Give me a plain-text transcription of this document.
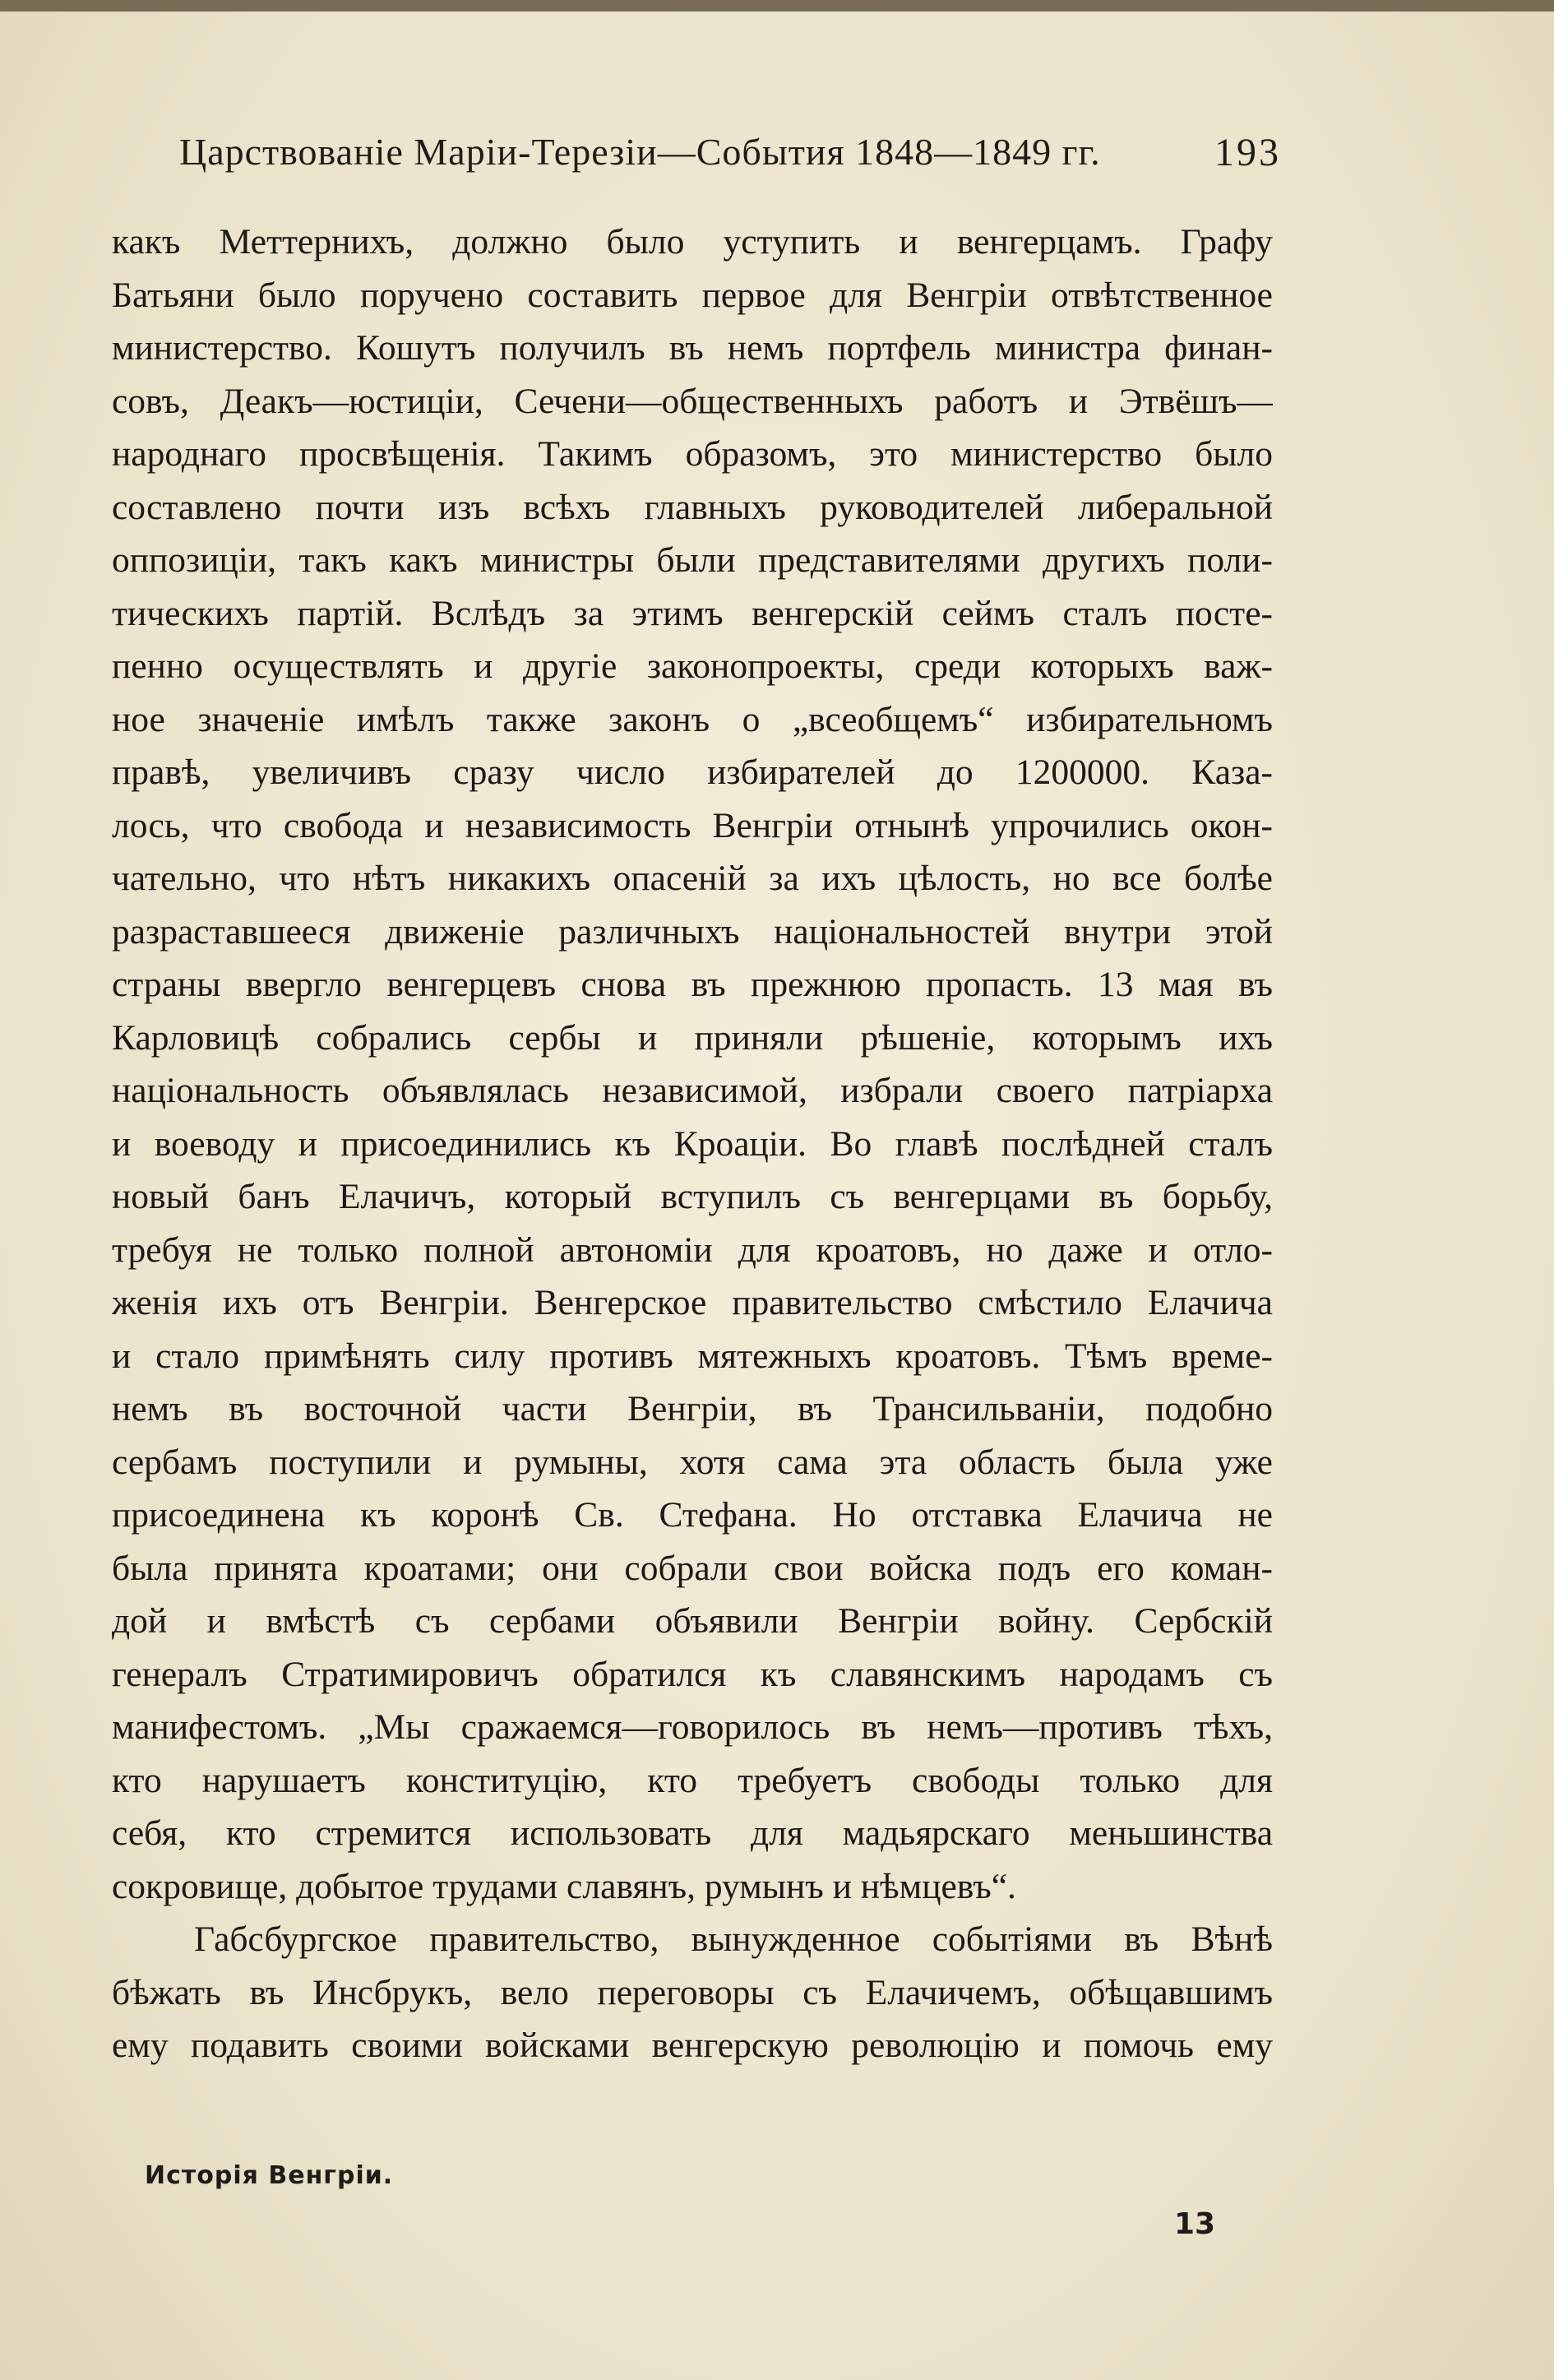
Царствованіе Маріи-Терезіи—События 1848—1849 гг.	193
какъ Меттернихъ, должно было уступить и венгерцамъ. Графу
Батьяни было поручено составить первое для Венгріи отвѣтственное
министерство. Кошутъ получилъ въ немъ портфель министра финан-
совъ, Деакъ—юстиціи, Сечени—общественныхъ работъ и Этвёшъ—
народнаго просвѣщенія. Такимъ образомъ, это министерство было
составлено почти изъ всѣхъ главныхъ руководителей либеральной
оппозиціи, такъ какъ министры были представителями другихъ поли-
тическихъ партій. Вслѣдъ за этимъ венгерскій сеймъ сталъ посте-
пенно осуществлять и другіе законопроекты, среди которыхъ важ-
ное значеніе имѣлъ также законъ о „всеобщемъ“ избирательномъ
правѣ, увеличивъ сразу число избирателей до 1200000. Каза-
лось, что свобода и независимость Венгріи отнынѣ упрочились окон-
чательно, что нѣтъ никакихъ опасеній за ихъ цѣлость, но все болѣе
разраставшееся движеніе различныхъ національностей внутри этой
страны ввергло венгерцевъ снова въ прежнюю пропасть. 13 мая въ
Карловицѣ собрались сербы и приняли рѣшеніе, которымъ ихъ
національность объявлялась независимой, избрали своего патріарха
и воеводу и присоединились къ Кроаціи. Во главѣ послѣдней сталъ
новый банъ Елачичъ, который вступилъ съ венгерцами въ борьбу,
требуя не только полной автономіи для кроатовъ, но даже и отло-
женія ихъ отъ Венгріи. Венгерское правительство смѣстило Елачича
и стало примѣнять силу противъ мятежныхъ кроатовъ. Тѣмъ време-
немъ въ восточной части Венгріи, въ Трансильваніи, подобно
сербамъ поступили и румыны, хотя сама эта область была уже
присоединена къ коронѣ Св. Стефана. Но отставка Елачича не
была принята кроатами; они собрали свои войска подъ его коман-
дой и вмѣстѣ съ сербами объявили Венгріи войну. Сербскій
генералъ Стратимировичъ обратился къ славянскимъ народамъ съ
манифестомъ. „Мы сражаемся—говорилось въ немъ—противъ тѣхъ,
кто нарушаетъ конституцію, кто требуетъ свободы только для
себя, кто стремится использовать для мадьярскаго меньшинства
сокровище, добытое трудами славянъ, румынъ и нѣмцевъ“.
Габсбургское правительство, вынужденное событіями въ Вѣнѣ
бѣжать въ Инсбрукъ, вело переговоры съ Елачичемъ, обѣщавшимъ
ему подавить своими войсками венгерскую революцію и помочь ему
Исторія Венгріи.
13
